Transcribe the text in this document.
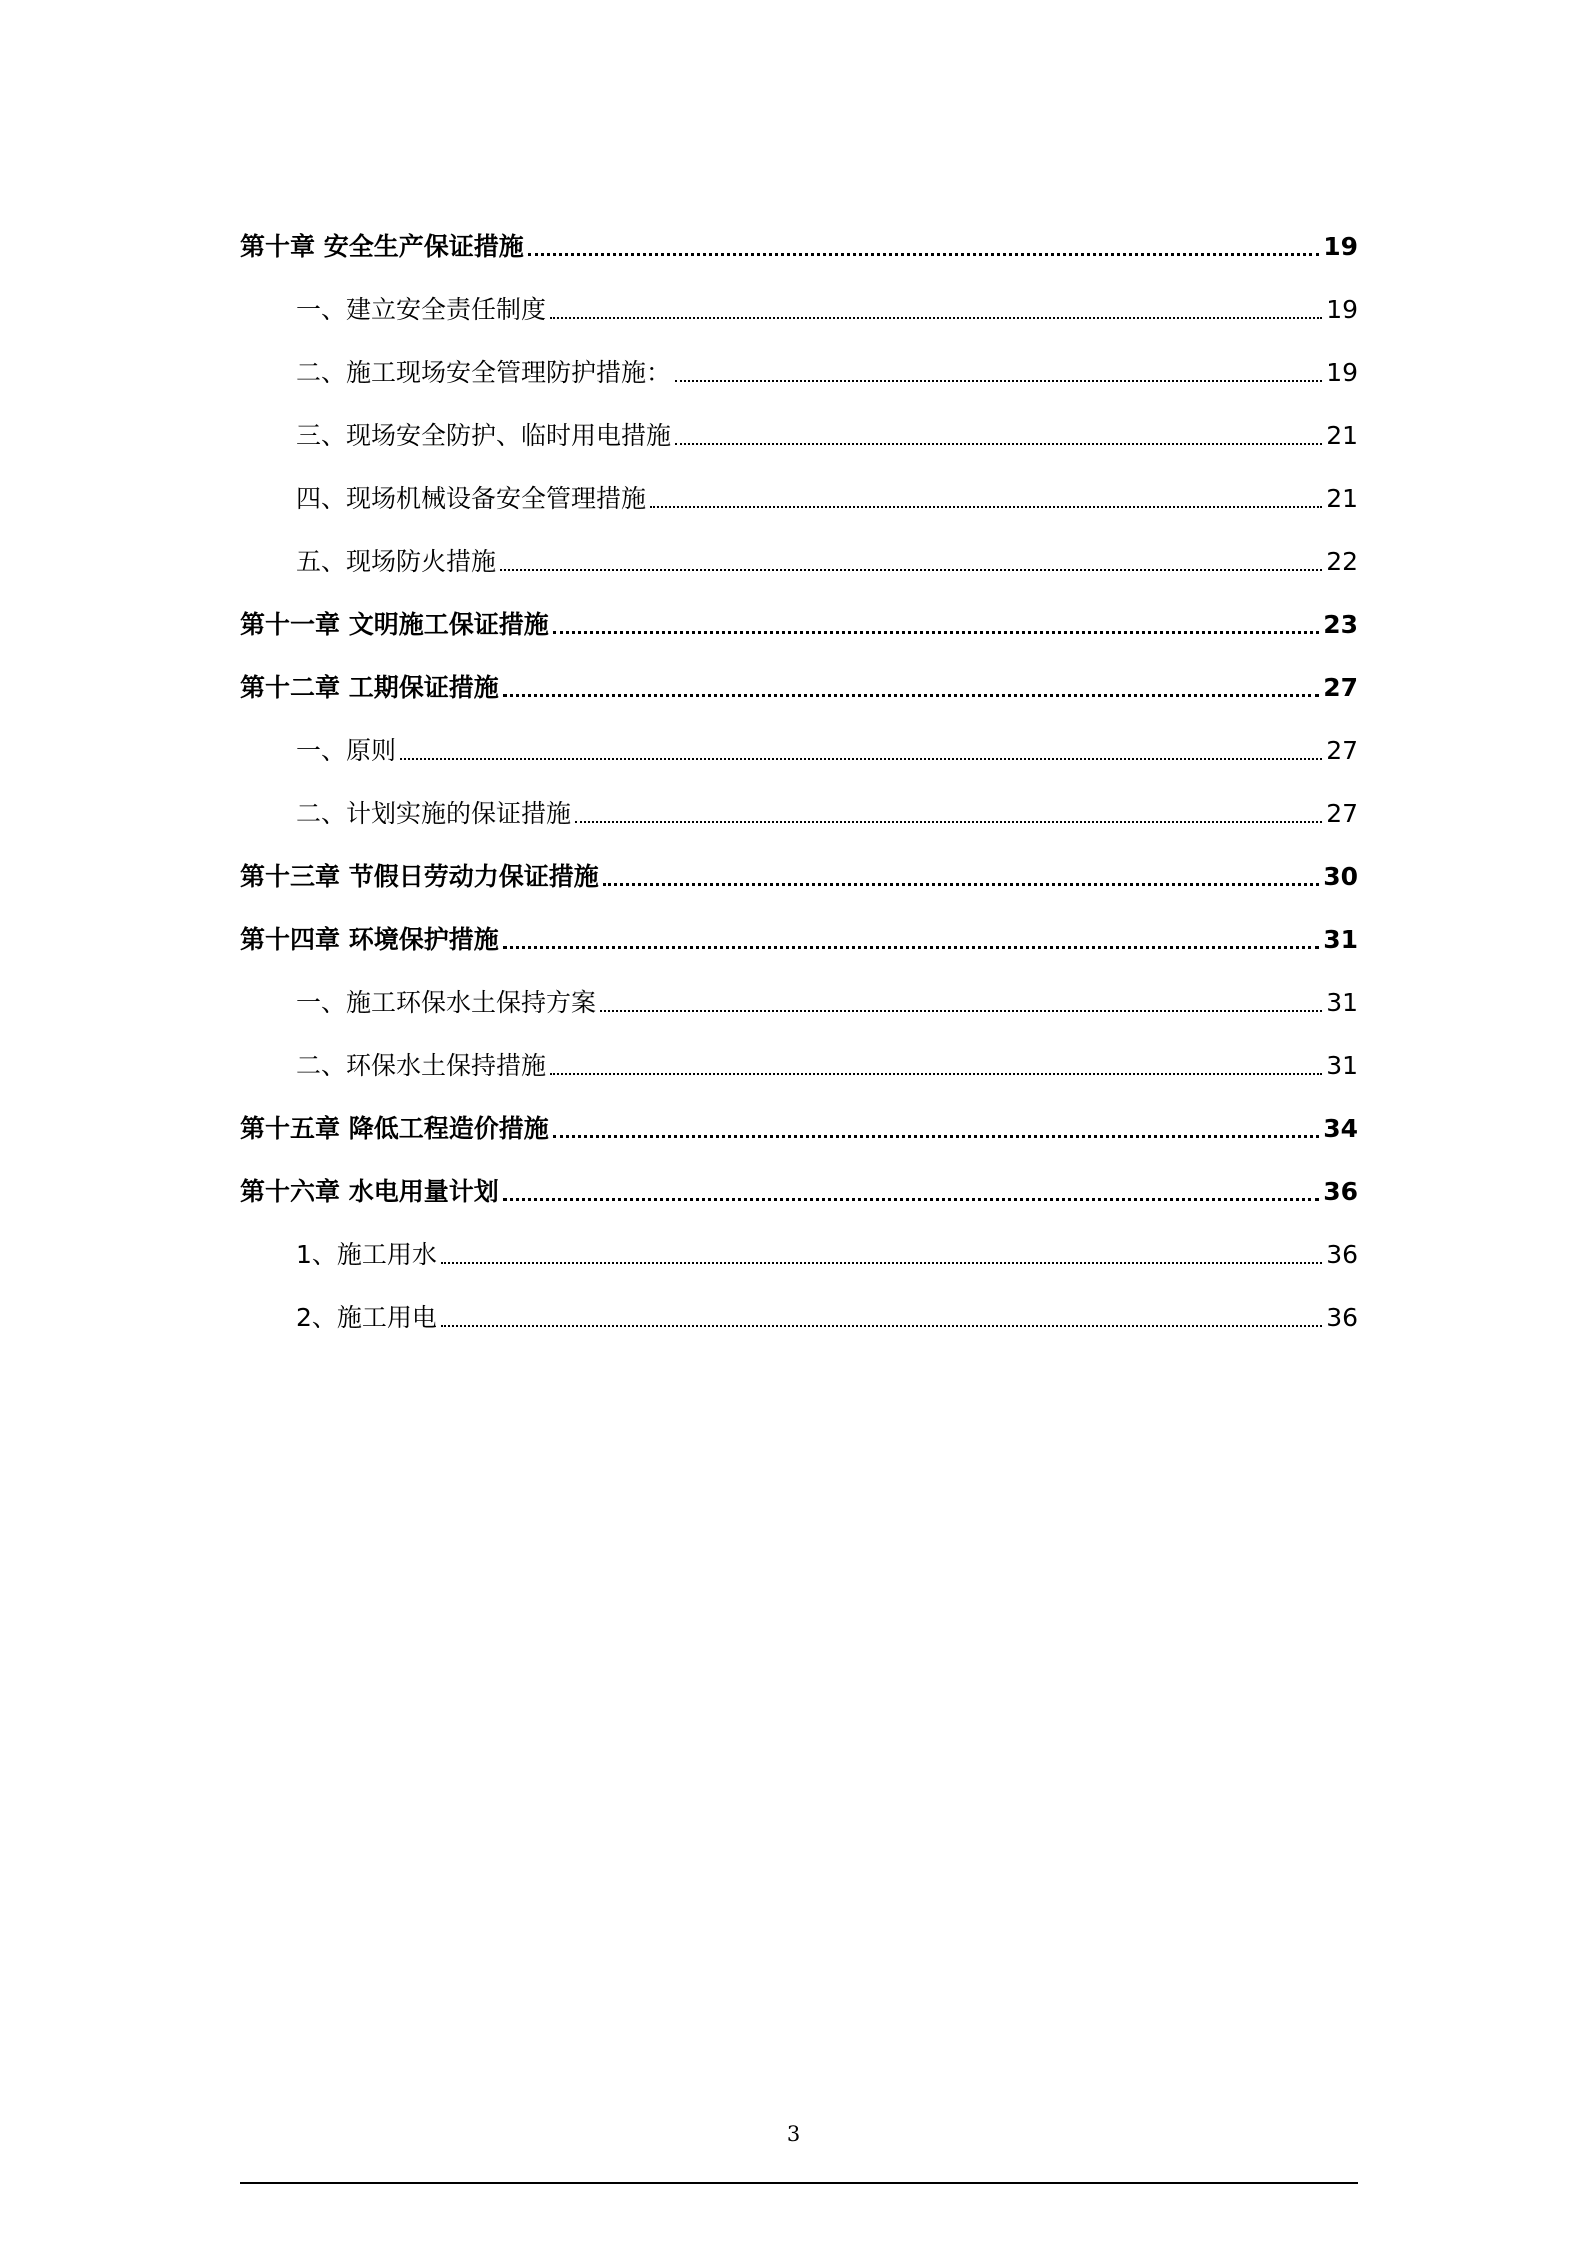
第十章 安全生产保证措施	19
一、 建立安全责任制度	19
二、 施工现场安全管理防护措施：	19
三、 现场安全防护、临时用电措施	21
四、 现场机械设备安全管理措施	21
五、 现场防火措施	22
第十一章 文明施工保证措施	23
第十二章 工期保证措施	27
一、 原则	27
二、 计划实施的保证措施	27
第十三章 节假日劳动力保证措施	30
第十四章 环境保护措施	31
一、 施工环保水土保持方案	31
二、 环保水土保持措施	31
第十五章 降低工程造价措施	34
第十六章 水电用量计划	36
1、 施工用水	36
2、 施工用电	36
3
